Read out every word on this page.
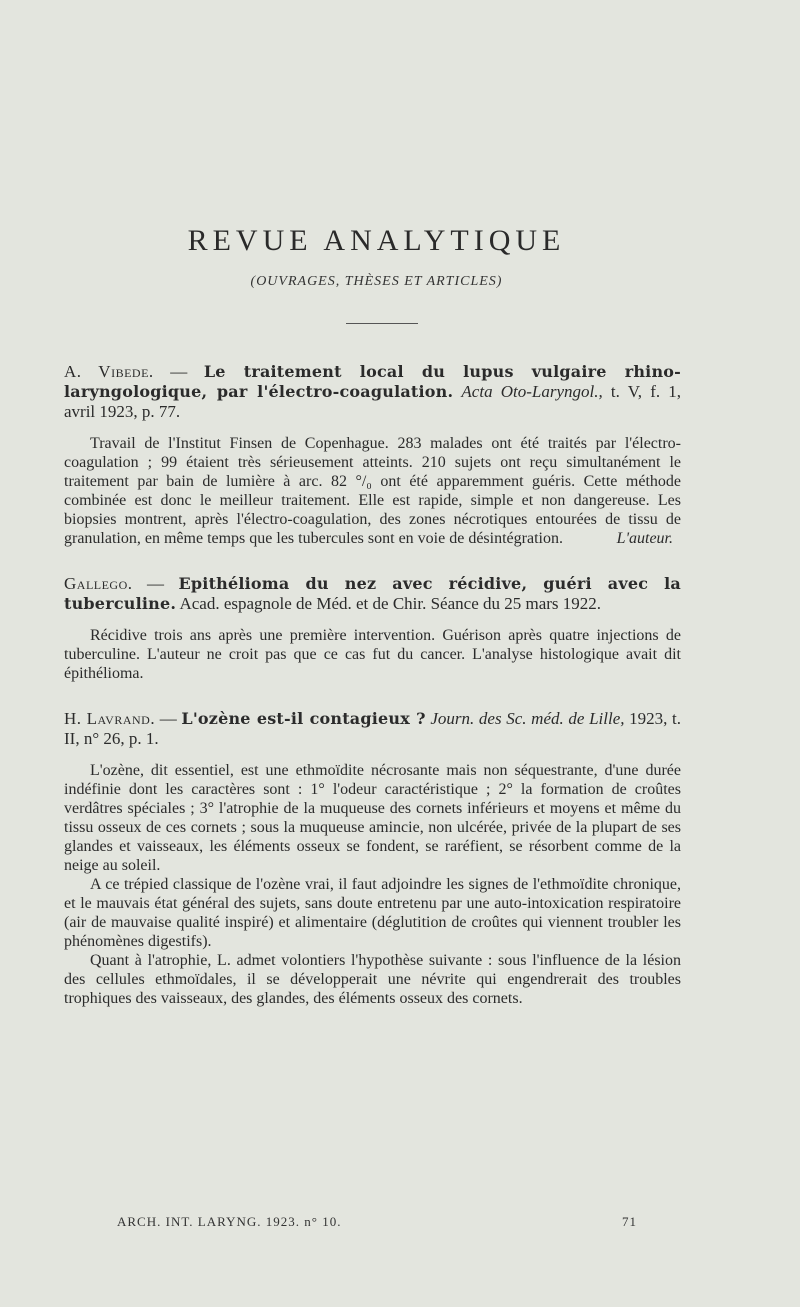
REVUE ANALYTIQUE
(OUVRAGES, THÈSES ET ARTICLES)

A. Vibede. — Le traitement local du lupus vulgaire rhino-laryngologique, par l'électro-coagulation. Acta Oto-Laryngol., t. V, f. 1, avril 1923, p. 77.

Travail de l'Institut Finsen de Copenhague. 283 malades ont été traités par l'électro-coagulation ; 99 étaient très sérieusement atteints. 210 sujets ont reçu simultanément le traitement par bain de lumière à arc. 82 °/₀ ont été apparemment guéris. Cette méthode combinée est donc le meilleur traitement. Elle est rapide, simple et non dangereuse. Les biopsies montrent, après l'électro-coagulation, des zones nécrotiques entourées de tissu de granulation, en même temps que les tubercules sont en voie de désintégration.	L'auteur.

Gallego. — Epithélioma du nez avec récidive, guéri avec la tuberculine. Acad. espagnole de Méd. et de Chir. Séance du 25 mars 1922.

Récidive trois ans après une première intervention. Guérison après quatre injections de tuberculine. L'auteur ne croit pas que ce cas fut du cancer. L'analyse histologique avait dit épithélioma.

H. Lavrand. — L'ozène est-il contagieux ? Journ. des Sc. méd. de Lille, 1923, t. II, n° 26, p. 1.

L'ozène, dit essentiel, est une ethmoïdite nécrosante mais non séquestrante, d'une durée indéfinie dont les caractères sont : 1° l'odeur caractéristique ; 2° la formation de croûtes verdâtres spéciales ; 3° l'atrophie de la muqueuse des cornets inférieurs et moyens et même du tissu osseux de ces cornets ; sous la muqueuse amincie, non ulcérée, privée de la plupart de ses glandes et vaisseaux, les éléments osseux se fondent, se raréfient, se résorbent comme de la neige au soleil.

A ce trépied classique de l'ozène vrai, il faut adjoindre les signes de l'ethmoïdite chronique, et le mauvais état général des sujets, sans doute entretenu par une auto-intoxication respiratoire (air de mauvaise qualité inspiré) et alimentaire (déglutition de croûtes qui viennent troubler les phénomènes digestifs).

Quant à l'atrophie, L. admet volontiers l'hypothèse suivante : sous l'influence de la lésion des cellules ethmoïdales, il se développerait une névrite qui engendrerait des troubles trophiques des vaisseaux, des glandes, des éléments osseux des cornets.

ARCH. INT. LARYNG. 1923. n° 10.	71
